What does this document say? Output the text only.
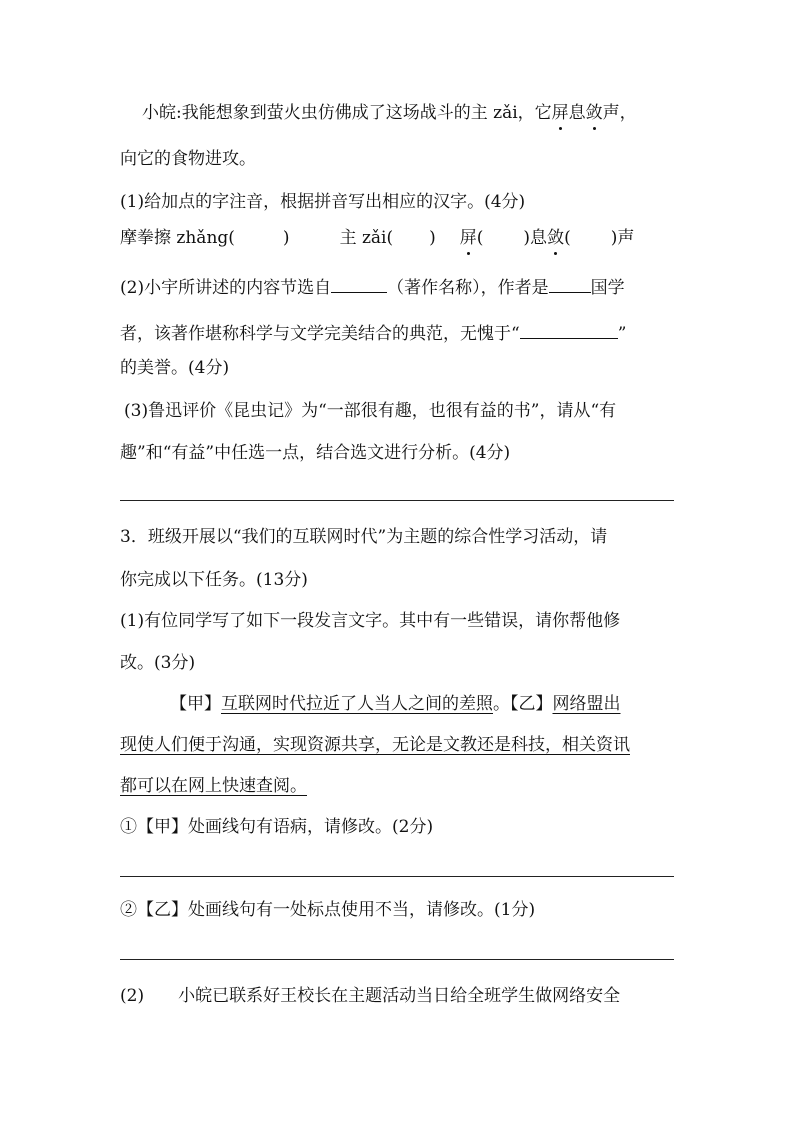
小皖:我能想象到萤火虫仿佛成了这场战斗的主 zǎi，它屏息敛声，
向它的食物进攻。
(1)给加点的字注音，根据拼音写出相应的汉字。(4分)
摩拳擦 zhǎng(	)	主 zǎi( ) 屏( )息敛( )声
(2)小宇所讲述的内容节选自	（著作名称），作者是 国学
者，该著作堪称科学与文学完美结合的典范，无愧于“	”
的美誉。(4分)
(3)鲁迅评价《昆虫记》为“一部很有趣，也很有益的书”，请从“有
趣”和“有益”中任选一点，结合选文进行分析。(4分)
3．班级开展以“我们的互联网时代”为主题的综合性学习活动，请
你完成以下任务。(13分)
(1)有位同学写了如下一段发言文字。其中有一些错误，请你帮他修
改。(3分)
【甲】互联网时代拉近了人当人之间的差照。【乙】网络盟出
现使人们便于沟通，实现资源共享，无论是文教还是科技，相关资讯
都可以在网上快速查阅。
①【甲】处画线句有语病，请修改。(2分)
②【乙】处画线句有一处标点使用不当，请修改。(1分)
(2) 小皖已联系好王校长在主题活动当日给全班学生做网络安全
